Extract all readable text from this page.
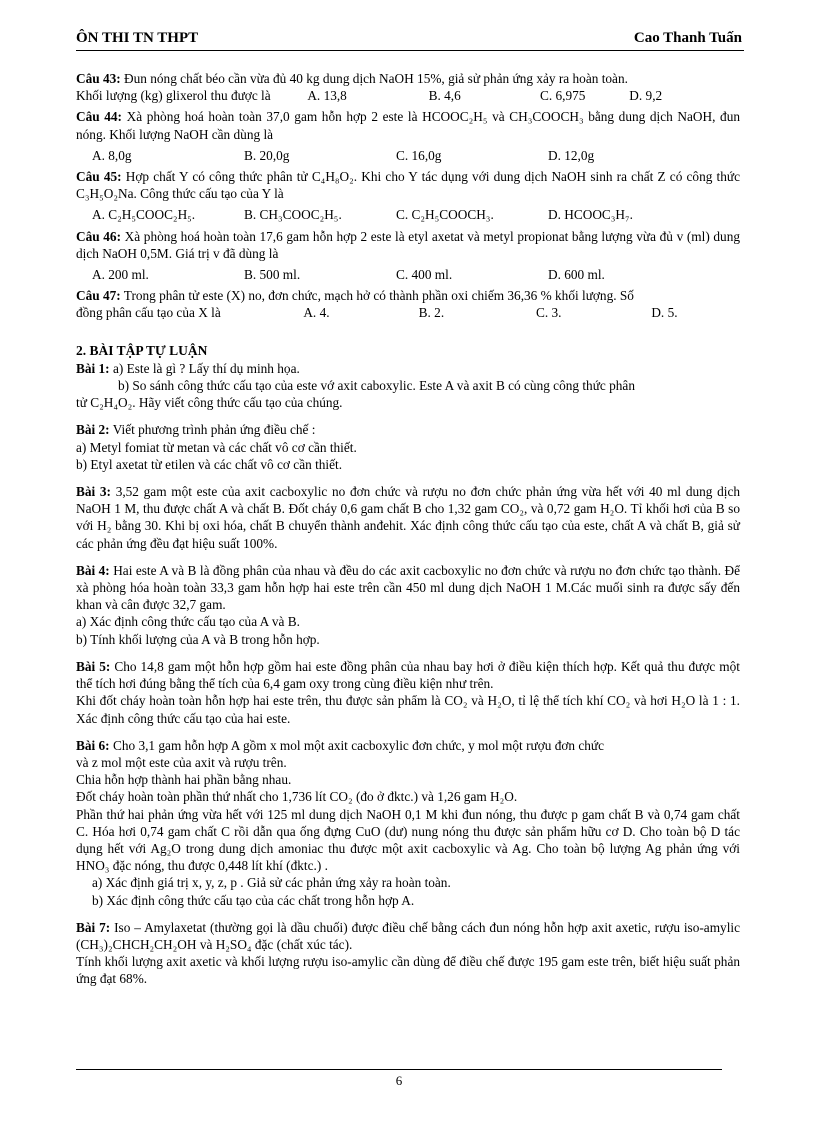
ÔN THI TN THPT	Cao Thanh Tuấn
Câu 43: Đun nóng chất béo cần vừa đủ 40 kg dung dịch NaOH 15%, giả sử phản ứng xảy ra hoàn toàn.
Khối lượng (kg) glixerol thu được là	A. 13,8	B. 4,6	C. 6,975	D. 9,2
Câu 44: Xà phòng hoá hoàn toàn 37,0 gam hỗn hợp 2 este là HCOOC₂H₅ và CH₃COOCH₃ bằng dung dịch NaOH, đun nóng. Khối lượng NaOH cần dùng là
A. 8,0g	B. 20,0g	C. 16,0g	D. 12,0g
Câu 45: Hợp chất Y có công thức phân tử C₄H₈O₂. Khi cho Y tác dụng với dung dịch NaOH sinh ra chất Z có công thức C₃H₅O₂Na. Công thức cấu tạo của Y là
A. C₂H₅COOC₂H₅.	B. CH₃COOC₂H₅.	C. C₂H₅COOCH₃.	D. HCOOC₃H₇.
Câu 46: Xà phòng hoá hoàn toàn 17,6 gam hỗn hợp 2 este là etyl axetat và metyl propionat bằng lượng vừa đủ v (ml) dung dịch NaOH 0,5M. Giá trị v đã dùng là
A. 200 ml.	B. 500 ml.	C. 400 ml.	D. 600 ml.
Câu 47: Trong phân tử este (X) no, đơn chức, mạch hở có thành phần oxi chiếm 36,36 % khối lượng. Số
đồng phân cấu tạo của X là	A. 4.	B. 2.	C. 3.	D. 5.
2. BÀI TẬP TỰ LUẬN
Bài 1: a) Este là gì ? Lấy thí dụ minh họa.
b) So sánh công thức cấu tạo của este vớ axit caboxylic. Este A và axit B có cùng công thức phân
tử C₂H₄O₂. Hãy viết công thức cấu tạo của chúng.
Bài 2: Viết phương trình phản ứng điều chế :
a) Metyl fomiat từ metan và các chất vô cơ cần thiết.
b) Etyl axetat từ etilen và các chất vô cơ cần thiết.
Bài 3: 3,52 gam một este của axit cacboxylic no đơn chức và rượu no đơn chức phản ứng vừa hết với 40 ml dung dịch NaOH 1 M, thu được chất A và chất B. Đốt cháy 0,6 gam chất B cho 1,32 gam CO₂, và 0,72 gam H₂O. Tỉ khối hơi của B so với H₂ bằng 30. Khi bị oxi hóa, chất B chuyển thành anđehit. Xác định công thức cấu tạo của este, chất A và chất B, giả sử các phản ứng đều đạt hiệu suất 100%.
Bài 4: Hai este A và B là đồng phân của nhau và đều do các axit cacboxylic no đơn chức và rượu no đơn chức tạo thành. Để xà phòng hóa hoàn toàn 33,3 gam hỗn hợp hai este trên cần 450 ml dung dịch NaOH 1 M.Các muối sinh ra được sấy đến khan và cân được 32,7 gam.
a) Xác định công thức cấu tạo của A và B.
b) Tính khối lượng của A và B trong hỗn hợp.
Bài 5: Cho 14,8 gam một hỗn hợp gồm hai este đồng phân của nhau bay hơi ở điều kiện thích hợp. Kết quả thu được một thể tích hơi đúng bằng thể tích của 6,4 gam oxy trong cùng điều kiện như trên.
Khi đốt cháy hoàn toàn hỗn hợp hai este trên, thu được sản phẩm là CO₂ và H₂O, tỉ lệ thể tích khí CO₂ và hơi H₂O là 1 : 1. Xác định công thức cấu tạo của hai este.
Bài 6: Cho 3,1 gam hỗn hợp A gồm x mol một axit cacboxylic đơn chức, y mol một rượu đơn chức
và z mol một este của axit và rượu trên.
Chia hỗn hợp thành hai phần bằng nhau.
Đốt cháy hoàn toàn phần thứ nhất cho 1,736 lít CO₂ (đo ở đktc.) và 1,26 gam H₂O.
Phần thứ hai phản ứng vừa hết với 125 ml dung dịch NaOH 0,1 M khi đun nóng, thu được p gam chất B và 0,74 gam chất C. Hóa hơi 0,74 gam chất C rồi dẫn qua ống đựng CuO (dư) nung nóng thu được sản phẩm hữu cơ D. Cho toàn bộ D tác dụng hết với Ag₂O trong dung dịch amoniac thu được một axit cacboxylic và Ag. Cho toàn bộ lượng Ag phản ứng với HNO₃ đặc nóng, thu được 0,448 lít khí (đktc.) .
a) Xác định giá trị x, y, z, p . Giả sử các phản ứng xảy ra hoàn toàn.
b) Xác định công thức cấu tạo của các chất trong hỗn hợp A.
Bài 7: Iso – Amylaxetat (thường gọi là dầu chuối) được điều chế bằng cách đun nóng hỗn hợp axit axetic, rượu iso-amylic (CH₃)₂CHCH₂CH₂OH và H₂SO₄ đặc (chất xúc tác).
Tính khối lượng axit axetic và khối lượng rượu iso-amylic cần dùng để điều chế được 195 gam este trên, biết hiệu suất phản ứng đạt 68%.
6
